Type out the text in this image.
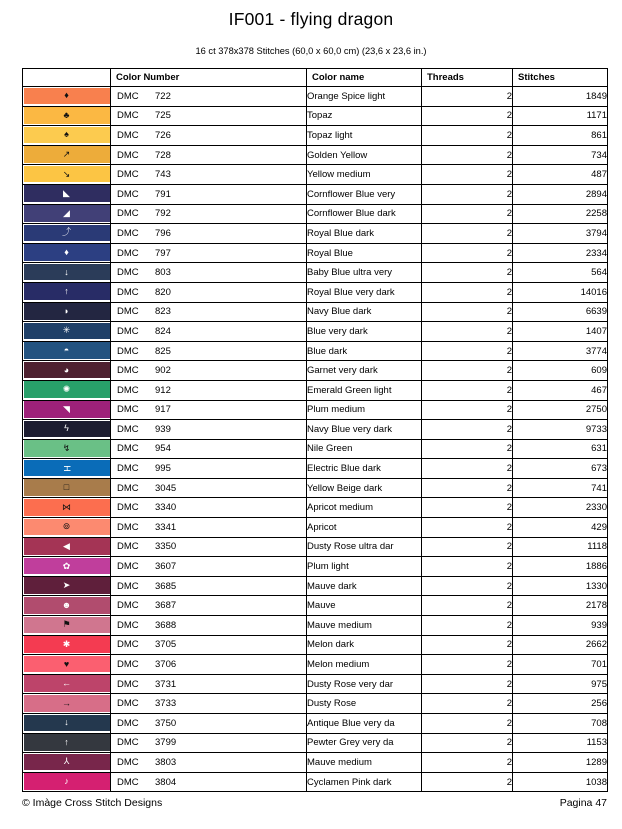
IF001 - flying dragon
16 ct 378x378 Stitches (60,0 x 60,0 cm) (23,6 x 23,6 in.)
	Color Number	Color name	Threads	Stitches

♦	DMC 722	Orange Spice light	2	1849

♣	DMC 725	Topaz	2	1171

♠	DMC 726	Topaz light	2	861

↗	DMC 728	Golden Yellow	2	734

↘	DMC 743	Yellow medium	2	487

◣	DMC 791	Cornflower Blue very	2	2894

◢	DMC 792	Cornflower Blue dark	2	2258

⤴	DMC 796	Royal Blue dark	2	3794

♦	DMC 797	Royal Blue	2	2334

↓	DMC 803	Baby Blue ultra very	2	564

↑	DMC 820	Royal Blue very dark	2	14016

◗	DMC 823	Navy Blue dark	2	6639

✳	DMC 824	Blue very dark	2	1407

◓	DMC 825	Blue dark	2	3774

◕	DMC 902	Garnet very dark	2	609

✺	DMC 912	Emerald Green light	2	467

◥	DMC 917	Plum medium	2	2750

ϟ	DMC 939	Navy Blue very dark	2	9733

↯	DMC 954	Nile Green	2	631

H	DMC 995	Electric Blue dark	2	673

□	DMC 3045	Yellow Beige dark	2	741

⋈	DMC 3340	Apricot medium	2	2330

⊚	DMC 3341	Apricot	2	429

◀	DMC 3350	Dusty Rose ultra dar	2	1118

✿	DMC 3607	Plum light	2	1886

➤	DMC 3685	Mauve dark	2	1330

☻	DMC 3687	Mauve	2	2178

⚑	DMC 3688	Mauve medium	2	939

✱	DMC 3705	Melon dark	2	2662

♥	DMC 3706	Melon medium	2	701

←	DMC 3731	Dusty Rose very dar	2	975

→	DMC 3733	Dusty Rose	2	256

↓	DMC 3750	Antique Blue very da	2	708

↑	DMC 3799	Pewter Grey very da	2	1153

⅄	DMC 3803	Mauve medium	2	1289

♪	DMC 3804	Cyclamen Pink dark	2	1038
© Imàge Cross Stitch Designs	Pagina 47
